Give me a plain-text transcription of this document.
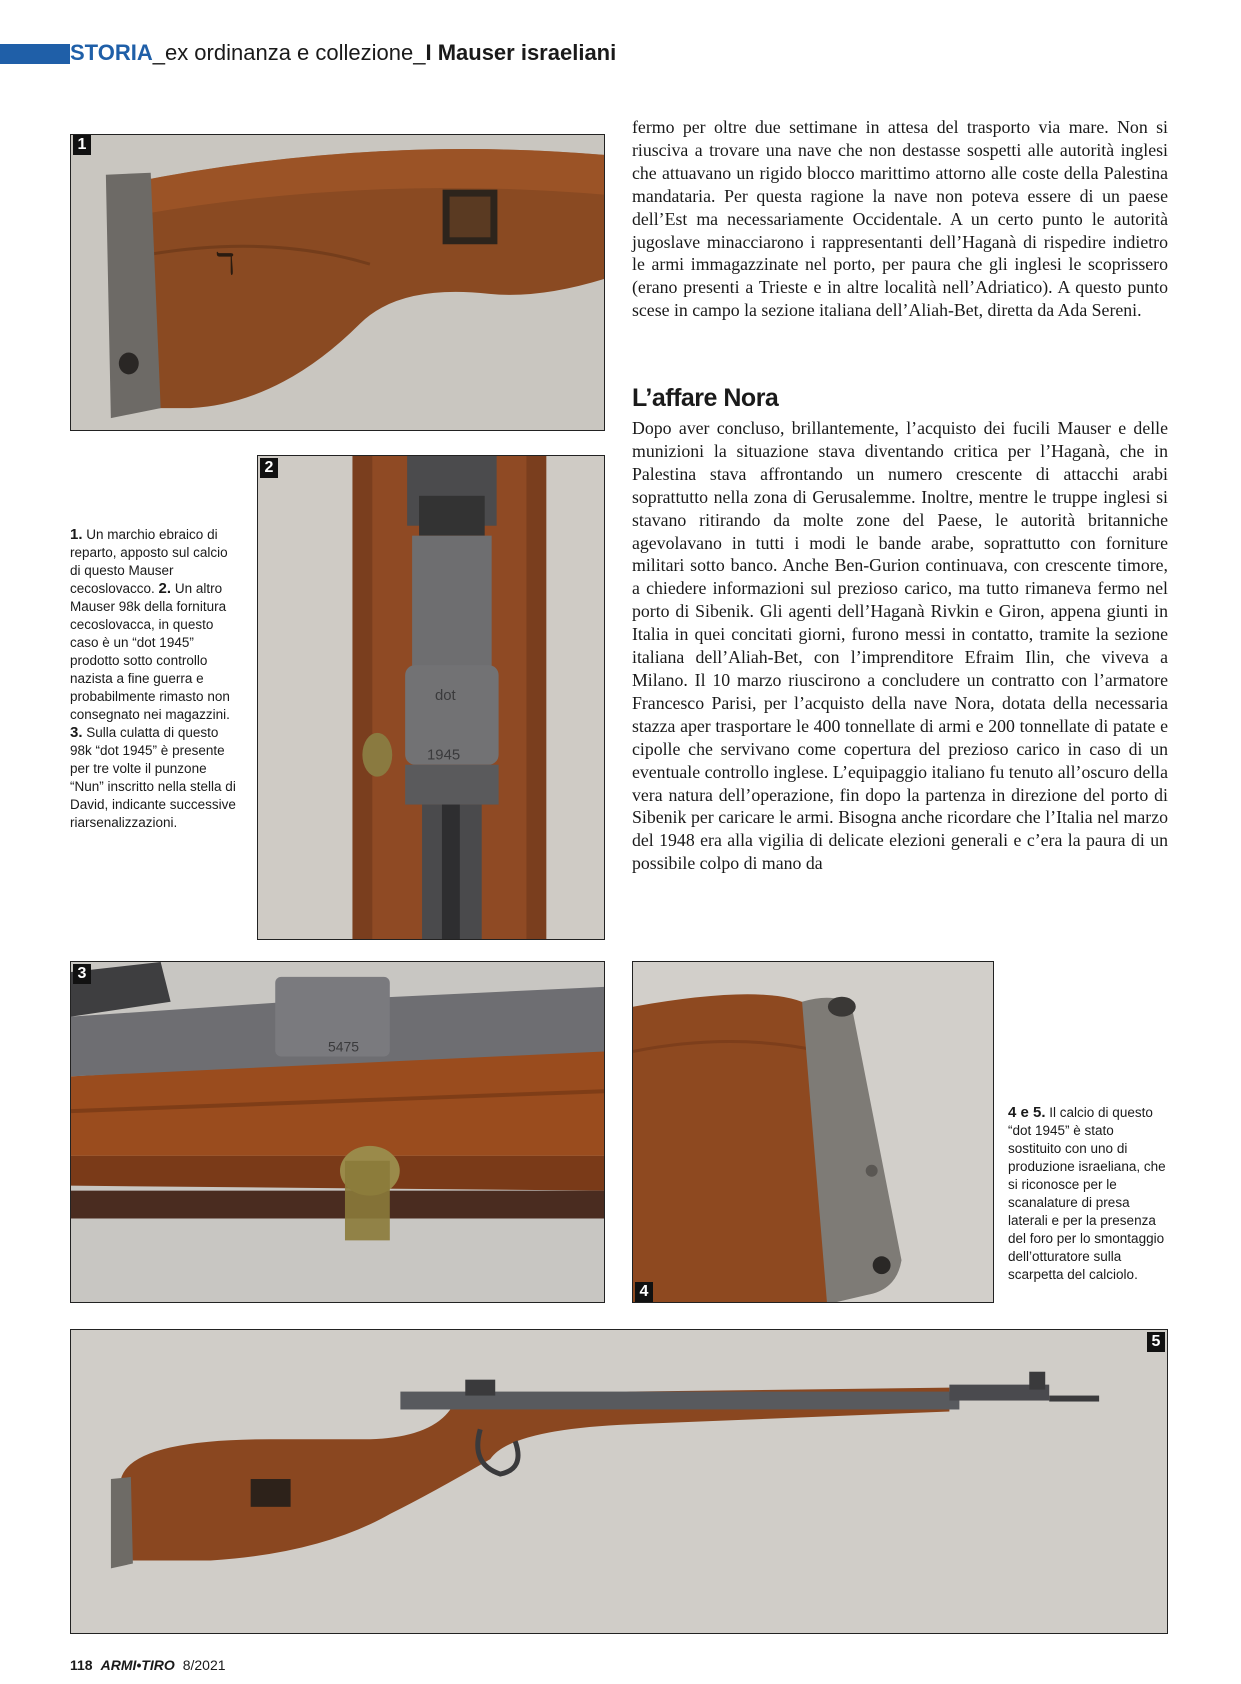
STORIA_ex ordinanza e collezione_I Mauser israeliani
ℸ
1
dot
1945
2
1. Un marchio ebraico di reparto, apposto sul calcio di questo Mauser cecoslovacco. 2. Un altro Mauser 98k della fornitura cecoslovacca, in questo caso è un “dot 1945” prodotto sotto controllo nazista a fine guerra e probabilmente rimasto non consegnato nei magazzini. 3. Sulla culatta di questo 98k “dot 1945” è presente per tre volte il punzone “Nun” inscritto nella stella di David, indicante successive riarsenalizzazioni.

fermo per oltre due settimane in attesa del trasporto via mare. Non si riusciva a trovare una nave che non destasse sospetti alle autorità inglesi che attuavano un rigido blocco marittimo attorno alle coste della Palestina mandataria. Per questa ragione la nave non poteva essere di un paese dell’Est ma necessariamente Occidentale. A un certo punto le autorità jugoslave minacciarono i rappresentanti dell’Haganà di rispedire indietro le armi immagazzinate nel porto, per paura che gli inglesi le scoprissero (erano presenti a Trieste e in altre località nell’Adriatico). A questo punto scese in campo la sezione italiana dell’Aliah-Bet, diretta da Ada Sereni.

L’affare Nora

Dopo aver concluso, brillantemente, l’acquisto dei fucili Mauser e delle munizioni la situazione stava diventando critica per l’Haganà, che in Palestina stava affrontando un numero crescente di attacchi arabi soprattutto nella zona di Gerusalemme. Inoltre, mentre le truppe inglesi si stavano ritirando da molte zone del Paese, le autorità britanniche agevolavano in tutti i modi le bande arabe, soprattutto con forniture militari sotto banco. Anche Ben-Gurion continuava, con crescente timore, a chiedere informazioni sul prezioso carico, ma tutto rimaneva fermo nel porto di Sibenik. Gli agenti dell’Haganà Rivkin e Giron, appena giunti in Italia in quei concitati giorni, furono messi in contatto, tramite la sezione italiana dell’Aliah-Bet, con l’imprenditore Efraim Ilin, che viveva a Milano. Il 10 marzo riuscirono a concludere un contratto con l’armatore Francesco Parisi, per l’acquisto della nave Nora, dotata della necessaria stazza aper trasportare le 400 tonnellate di armi e 200 tonnellate di patate e cipolle che servivano come copertura del prezioso carico in caso di un eventuale controllo inglese. L’equipaggio italiano fu tenuto all’oscuro della vera natura dell’operazione, fin dopo la partenza in direzione del porto di Sibenik per caricare le armi. Bisogna anche ricordare che l’Italia nel marzo del 1948 era alla vigilia di delicate elezioni generali e c’era la paura di un possibile colpo di mano da

5475
3
4
4 e 5. Il calcio di questo “dot 1945” è stato sostituito con uno di produzione israeliana, che si riconosce per le scanalature di presa laterali e per la presenza del foro per lo smontaggio dell’otturatore sulla scarpetta del calciolo.
5
118 ARMI•TIRO 8/2021
